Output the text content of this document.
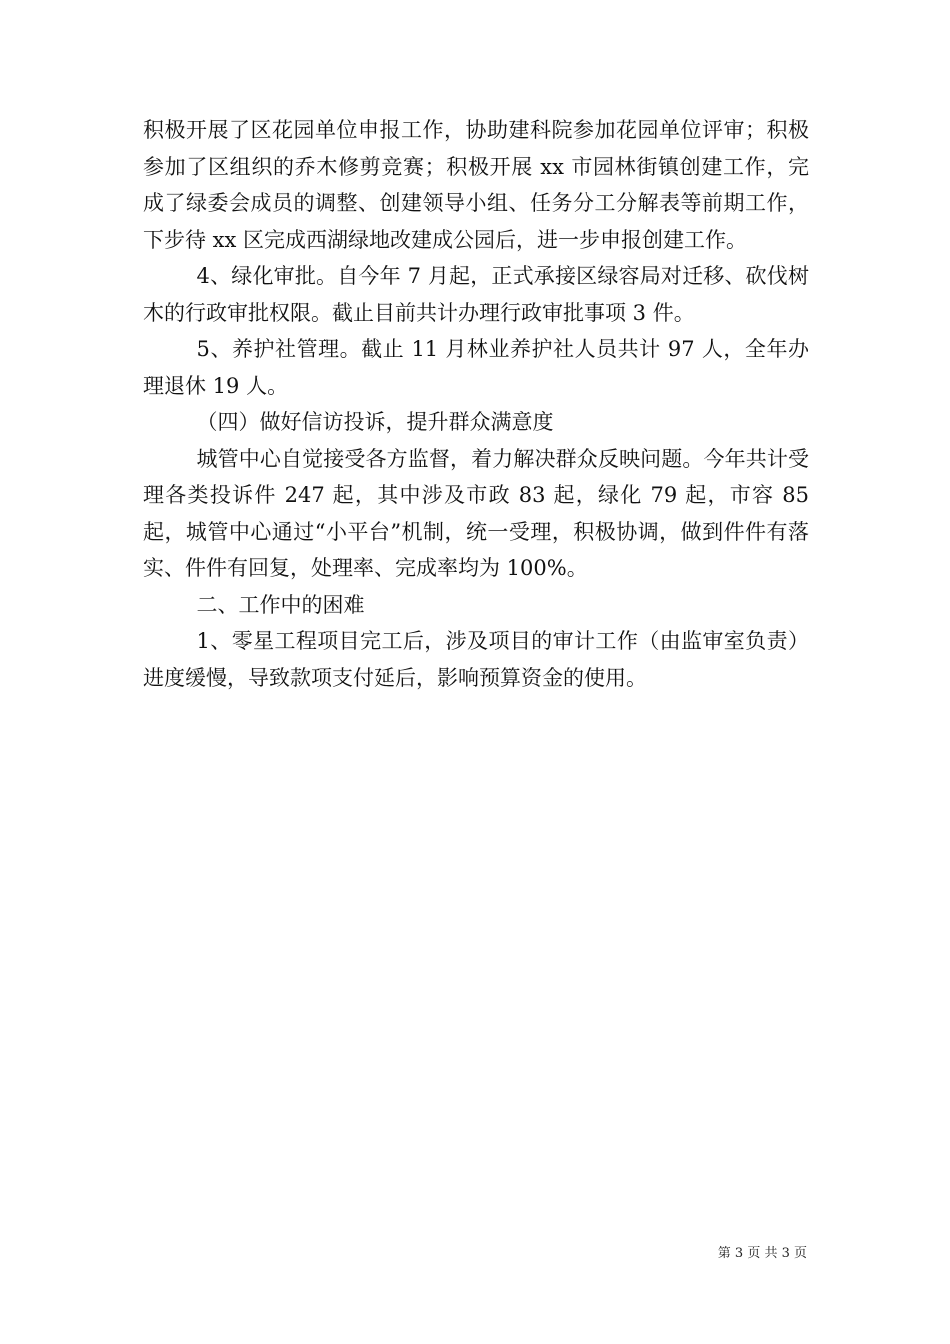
积极开展了区花园单位申报工作，协助建科院参加花园单位评审；积极参加了区组织的乔木修剪竞赛；积极开展 xx 市园林街镇创建工作，完成了绿委会成员的调整、创建领导小组、任务分工分解表等前期工作，下步待 xx 区完成西湖绿地改建成公园后，进一步申报创建工作。

4、绿化审批。自今年 7 月起，正式承接区绿容局对迁移、砍伐树木的行政审批权限。截止目前共计办理行政审批事项 3 件。

5、养护社管理。截止 11 月林业养护社人员共计 97 人，全年办理退休 19 人。

（四）做好信访投诉，提升群众满意度

城管中心自觉接受各方监督，着力解决群众反映问题。今年共计受理各类投诉件 247 起，其中涉及市政 83 起，绿化 79 起，市容 85 起，城管中心通过“小平台”机制，统一受理，积极协调，做到件件有落实、件件有回复，处理率、完成率均为 100%。

二、工作中的困难

1、零星工程项目完工后，涉及项目的审计工作（由监审室负责）进度缓慢，导致款项支付延后，影响预算资金的使用。

第 3 页 共 3 页
